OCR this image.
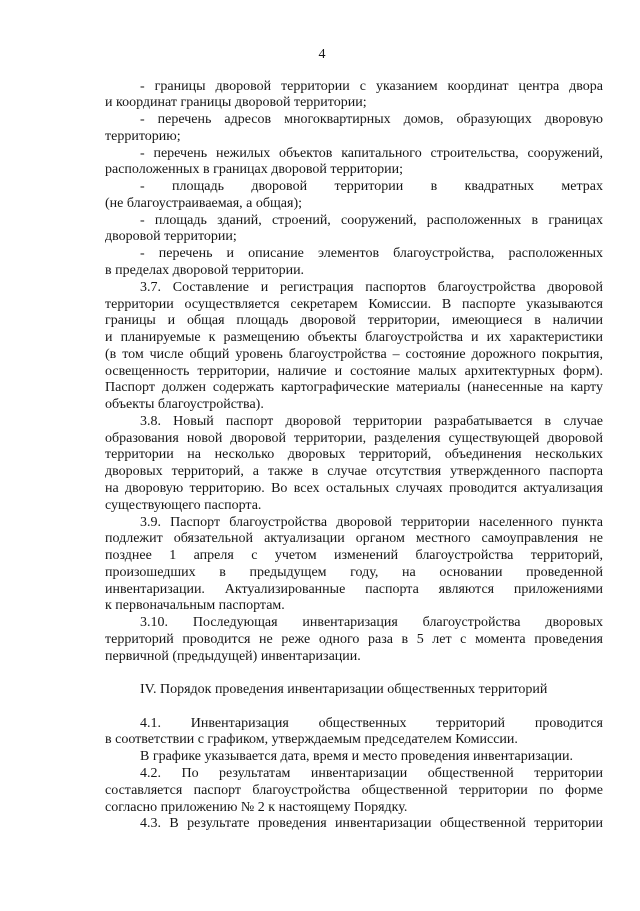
4
- границы дворовой территории с указанием координат центра двора
и координат границы дворовой территории;
- перечень адресов многоквартирных домов, образующих дворовую
территорию;
- перечень нежилых объектов капитального строительства, сооружений,
расположенных в границах дворовой территории;
- площадь дворовой территории в квадратных метрах
(не благоустраиваемая, а общая);
- площадь зданий, строений, сооружений, расположенных в границах
дворовой территории;
- перечень и описание элементов благоустройства, расположенных
в пределах дворовой территории.
3.7. Составление и регистрация паспортов благоустройства дворовой
территории осуществляется секретарем Комиссии. В паспорте указываются
границы и общая площадь дворовой территории, имеющиеся в наличии
и планируемые к размещению объекты благоустройства и их характеристики
(в том числе общий уровень благоустройства – состояние дорожного покрытия,
освещенность территории, наличие и состояние малых архитектурных форм).
Паспорт должен содержать картографические материалы (нанесенные на карту
объекты благоустройства).
3.8. Новый паспорт дворовой территории разрабатывается в случае
образования новой дворовой территории, разделения существующей дворовой
территории на несколько дворовых территорий, объединения нескольких
дворовых территорий, а также в случае отсутствия утвержденного паспорта
на дворовую территорию. Во всех остальных случаях проводится актуализация
существующего паспорта.
3.9. Паспорт благоустройства дворовой территории населенного пункта
подлежит обязательной актуализации органом местного самоуправления не
позднее 1 апреля с учетом изменений благоустройства территорий,
произошедших в предыдущем году, на основании проведенной
инвентаризации. Актуализированные паспорта являются приложениями
к первоначальным паспортам.
3.10. Последующая инвентаризация благоустройства дворовых
территорий проводится не реже одного раза в 5 лет с момента проведения
первичной (предыдущей) инвентаризации.
IV. Порядок проведения инвентаризации общественных территорий
4.1. Инвентаризация общественных территорий проводится
в соответствии с графиком, утверждаемым председателем Комиссии.
В графике указывается дата, время и место проведения инвентаризации.
4.2. По результатам инвентаризации общественной территории
составляется паспорт благоустройства общественной территории по форме
согласно приложению № 2 к настоящему Порядку.
4.3. В результате проведения инвентаризации общественной территории
